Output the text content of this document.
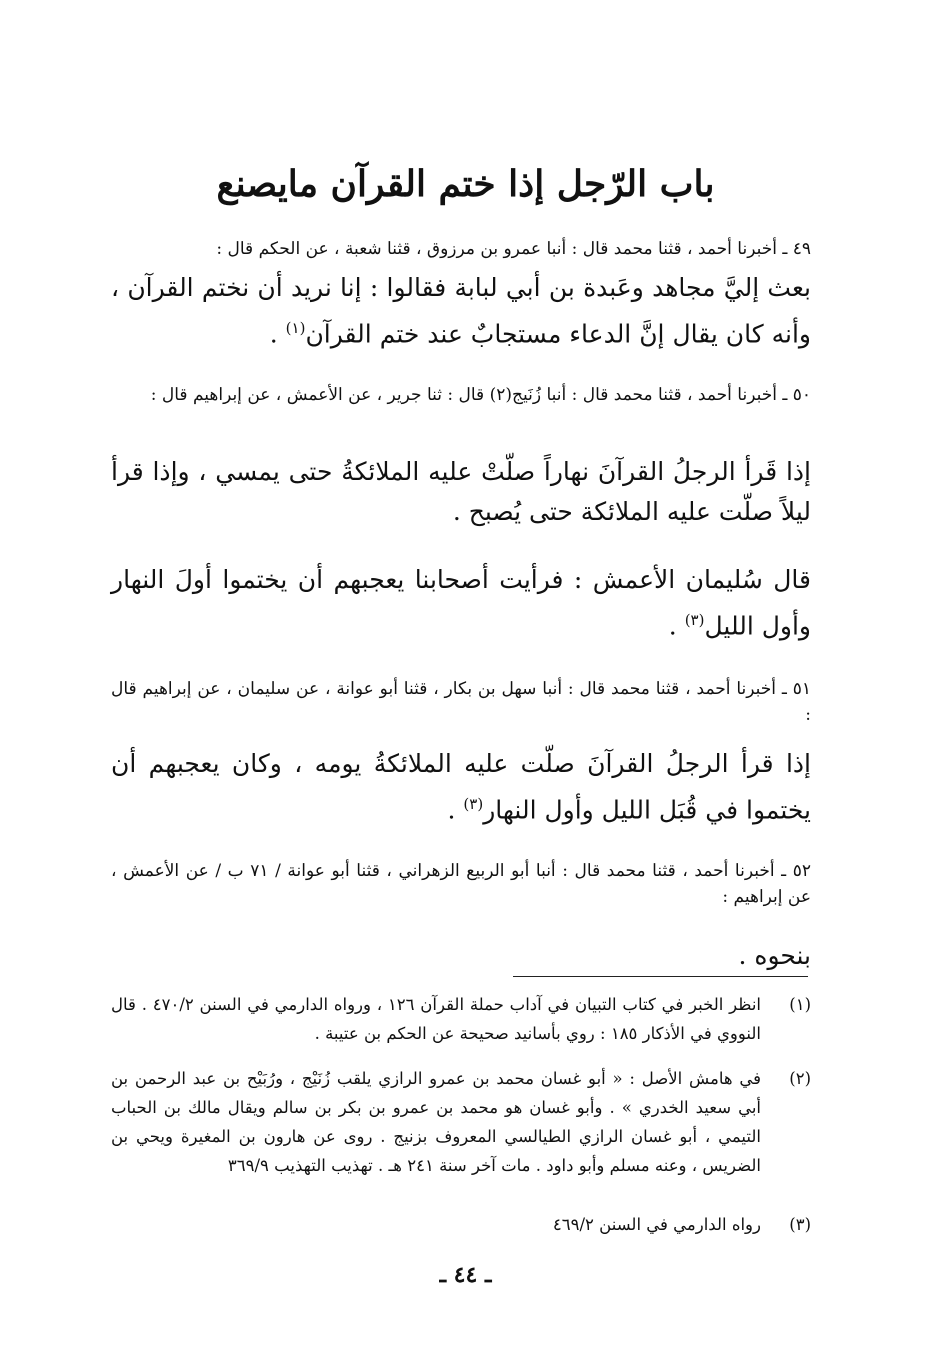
باب الرّجل إذا ختم القرآن مايصنع
٤٩ ـ أخبرنا أحمد ، قثنا محمد قال : أنبا عمرو بن مرزوق ، قثنا شعبة ، عن الحكم قال :
بعث إليَّ مجاهد وعَبدة بن أبي لبابة فقالوا : إنا نريد أن نختم القرآن ، وأنه كان يقال إنَّ الدعاء مستجابٌ عند ختم القرآن$^{(١)}$ .
٥٠ ـ أخبرنا أحمد ، قثنا محمد قال : أنبا زُنَيج(٢) قال : ثنا جرير ، عن الأعمش ، عن إبراهيم قال :
إذا قَرأ الرجلُ القرآنَ نهاراً صلّتْ عليه الملائكةُ حتى يمسي ، وإذا قرأ ليلاً صلّت عليه الملائكة حتى يُصبح .
قال سُليمان الأعمش : فرأيت أصحابنا يعجبهم أن يختموا أولَ النهار وأول الليل$^{(٣)}$ .
٥١ ـ أخبرنا أحمد ، قثنا محمد قال : أنبا سهل بن بكار ، قثنا أبو عوانة ، عن سليمان ، عن إبراهيم قال :
إذا قرأ الرجلُ القرآنَ صلّت عليه الملائكةُ يومه ، وكان يعجبهم أن يختموا في قُبَل الليل وأول النهار$^{(٣)}$ .
٥٢ ـ أخبرنا أحمد ، قثنا محمد قال : أنبا أبو الربيع الزهراني ، قثنا أبو عوانة / ٧١ ب / عن الأعمش ، عن إبراهيم :
بنحوه .
(١)
انظر الخبر في كتاب التبيان في آداب حملة القرآن ١٢٦ ، ورواه الدارمي في السنن ٤٧٠/٢ . قال النووي في الأذكار ١٨٥ : روي بأسانيد صحيحة عن الحكم بن عتيبة .
(٢)
في هامش الأصل : « أبو غسان محمد بن عمرو الرازي يلقب زُنَيْج ، ورُبَيْح بن عبد الرحمن بن أبي سعيد الخدري » . وأبو غسان هو محمد بن عمرو بن بكر بن سالم ويقال مالك بن الحباب التيمي ، أبو غسان الرازي الطيالسي المعروف بزنيج . روى عن هارون بن المغيرة ويحي بن الضريس ، وعنه مسلم وأبو داود . مات آخر سنة ٢٤١ هـ . تهذيب التهذيب ٣٦٩/٩
(٣)
رواه الدارمي في السنن ٤٦٩/٢
ـ ٤٤ ـ
